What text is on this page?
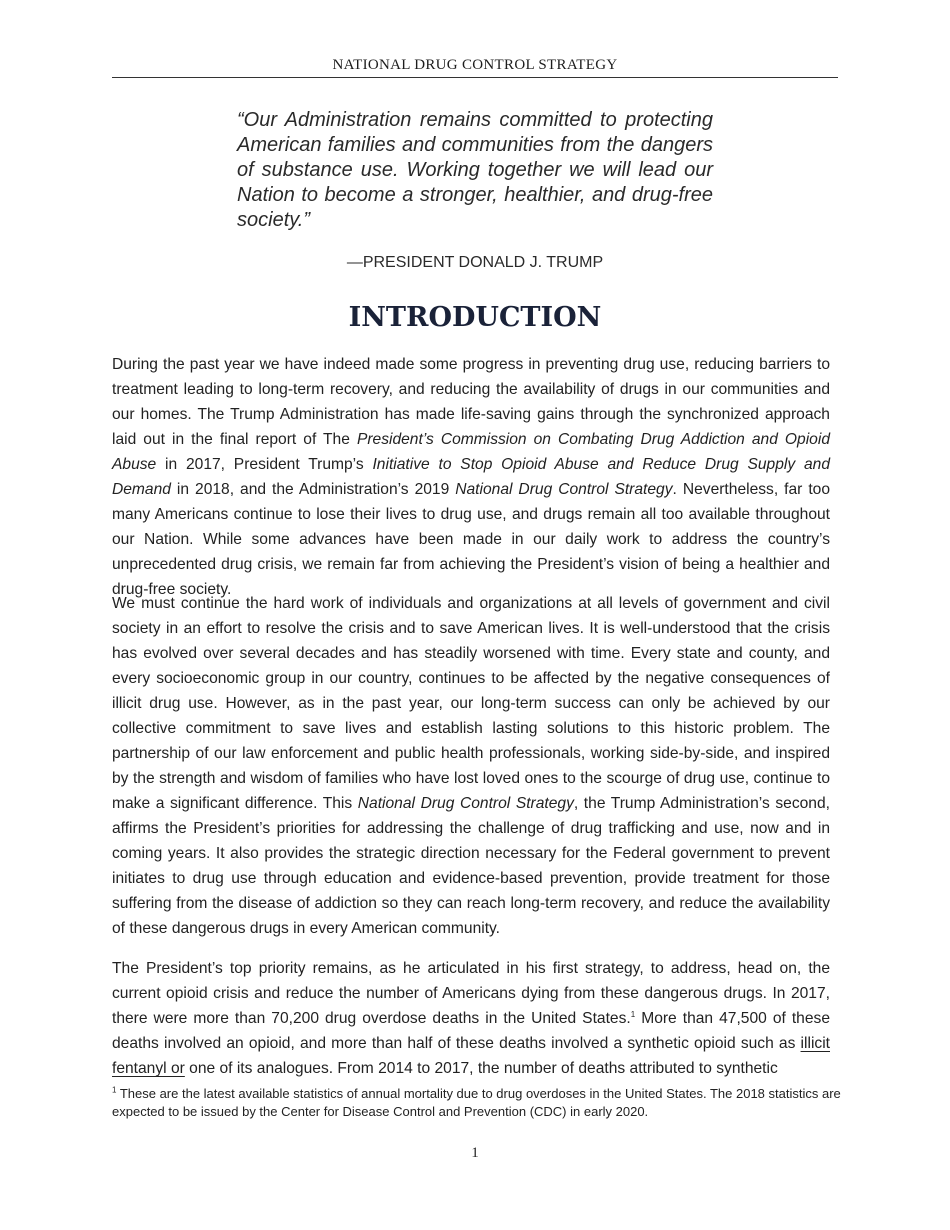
NATIONAL DRUG CONTROL STRATEGY
“Our Administration remains committed to protecting American families and communities from the dangers of substance use. Working together we will lead our Nation to become a stronger, healthier, and drug-free society.”
—PRESIDENT DONALD J. TRUMP
INTRODUCTION

During the past year we have indeed made some progress in preventing drug use, reducing barriers to treatment leading to long-term recovery, and reducing the availability of drugs in our communities and our homes. The Trump Administration has made life-saving gains through the synchronized approach laid out in the final report of The President’s Commission on Combating Drug Addiction and Opioid Abuse in 2017, President Trump’s Initiative to Stop Opioid Abuse and Reduce Drug Supply and Demand in 2018, and the Administration’s 2019 National Drug Control Strategy. Nevertheless, far too many Americans continue to lose their lives to drug use, and drugs remain all too available throughout our Nation. While some advances have been made in our daily work to address the country’s unprecedented drug crisis, we remain far from achieving the President’s vision of being a healthier and drug-free society.

We must continue the hard work of individuals and organizations at all levels of government and civil society in an effort to resolve the crisis and to save American lives. It is well-understood that the crisis has evolved over several decades and has steadily worsened with time. Every state and county, and every socioeconomic group in our country, continues to be affected by the negative consequences of illicit drug use. However, as in the past year, our long-term success can only be achieved by our collective commitment to save lives and establish lasting solutions to this historic problem. The partnership of our law enforcement and public health professionals, working side-by-side, and inspired by the strength and wisdom of families who have lost loved ones to the scourge of drug use, continue to make a significant difference. This National Drug Control Strategy, the Trump Administration’s second, affirms the President’s priorities for addressing the challenge of drug trafficking and use, now and in coming years. It also provides the strategic direction necessary for the Federal government to prevent initiates to drug use through education and evidence-based prevention, provide treatment for those suffering from the disease of addiction so they can reach long-term recovery, and reduce the availability of these dangerous drugs in every American community.

The President’s top priority remains, as he articulated in his first strategy, to address, head on, the current opioid crisis and reduce the number of Americans dying from these dangerous drugs. In 2017, there were more than 70,200 drug overdose deaths in the United States.$^1$ More than 47,500 of these deaths involved an opioid, and more than half of these deaths involved a synthetic opioid such as illicit fentanyl or one of its analogues. From 2014 to 2017, the number of deaths attributed to synthetic

$^1$ These are the latest available statistics of annual mortality due to drug overdoses in the United States. The 2018 statistics are expected to be issued by the Center for Disease Control and Prevention (CDC) in early 2020.

1
